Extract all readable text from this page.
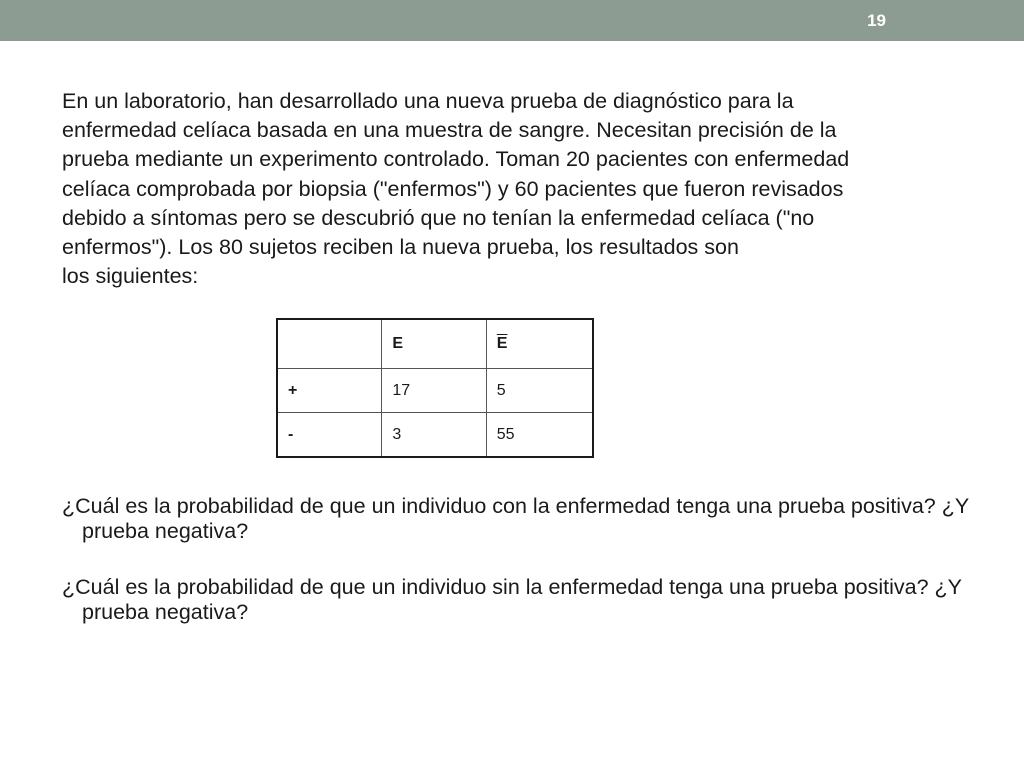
19

En un laboratorio, han desarrollado una nueva prueba de diagnóstico para la
enfermedad celíaca basada en una muestra de sangre. Necesitan precisión de la
prueba mediante un experimento controlado. Toman 20 pacientes con enfermedad
celíaca comprobada por biopsia ("enfermos") y 60 pacientes que fueron revisados
debido a síntomas pero se descubrió que no tenían la enfermedad celíaca ("no
enfermos"). Los 80 sujetos reciben la nueva prueba, los resultados son
los siguientes:

	E	$\overline{E}$
+	17	5
-	3	55

¿Cuál es la probabilidad de que un individuo con la enfermedad tenga una prueba positiva? ¿Y prueba negativa?

¿Cuál es la probabilidad de que un individuo sin la enfermedad tenga una prueba positiva? ¿Y prueba negativa?
